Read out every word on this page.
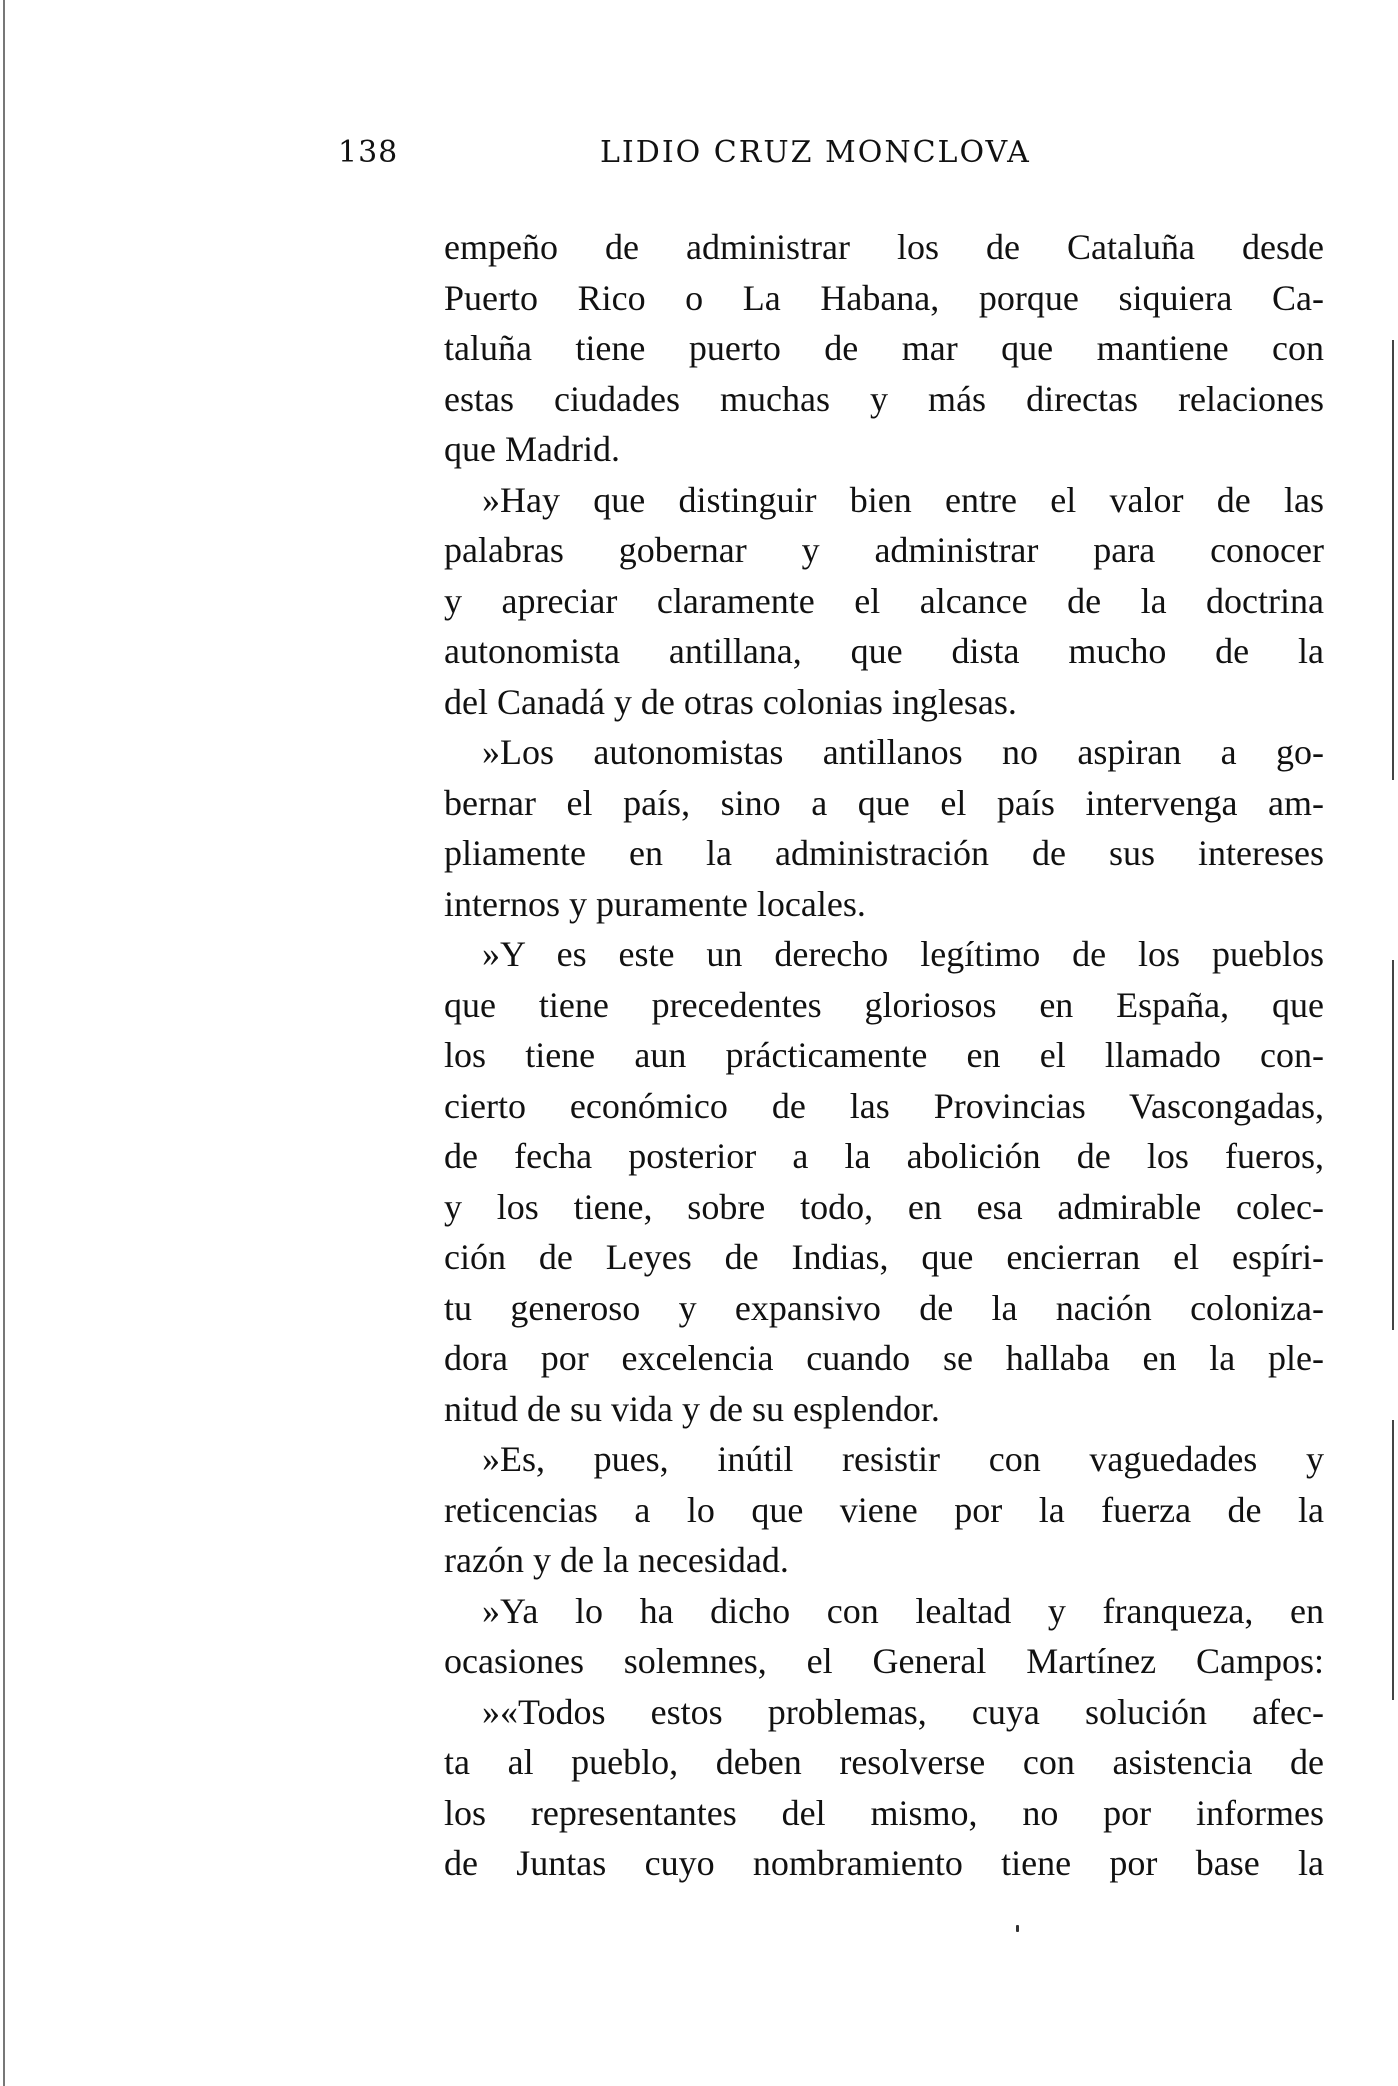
138	LIDIO CRUZ MONCLOVA
empeño de administrar los de Cataluña desde
Puerto Rico o La Habana, porque siquiera Ca-
taluña tiene puerto de mar que mantiene con
estas ciudades muchas y más directas relaciones
que Madrid.
»Hay que distinguir bien entre el valor de las
palabras gobernar y administrar para conocer
y apreciar claramente el alcance de la doctrina
autonomista antillana, que dista mucho de la
del Canadá y de otras colonias inglesas.
»Los autonomistas antillanos no aspiran a go-
bernar el país, sino a que el país intervenga am-
pliamente en la administración de sus intereses
internos y puramente locales.
»Y es este un derecho legítimo de los pueblos
que tiene precedentes gloriosos en España, que
los tiene aun prácticamente en el llamado con-
cierto económico de las Provincias Vascongadas,
de fecha posterior a la abolición de los fueros,
y los tiene, sobre todo, en esa admirable colec-
ción de Leyes de Indias, que encierran el espíri-
tu generoso y expansivo de la nación coloniza-
dora por excelencia cuando se hallaba en la ple-
nitud de su vida y de su esplendor.
»Es, pues, inútil resistir con vaguedades y
reticencias a lo que viene por la fuerza de la
razón y de la necesidad.
»Ya lo ha dicho con lealtad y franqueza, en
ocasiones solemnes, el General Martínez Campos:
»«Todos estos problemas, cuya solución afec-
ta al pueblo, deben resolverse con asistencia de
los representantes del mismo, no por informes
de Juntas cuyo nombramiento tiene por base la
